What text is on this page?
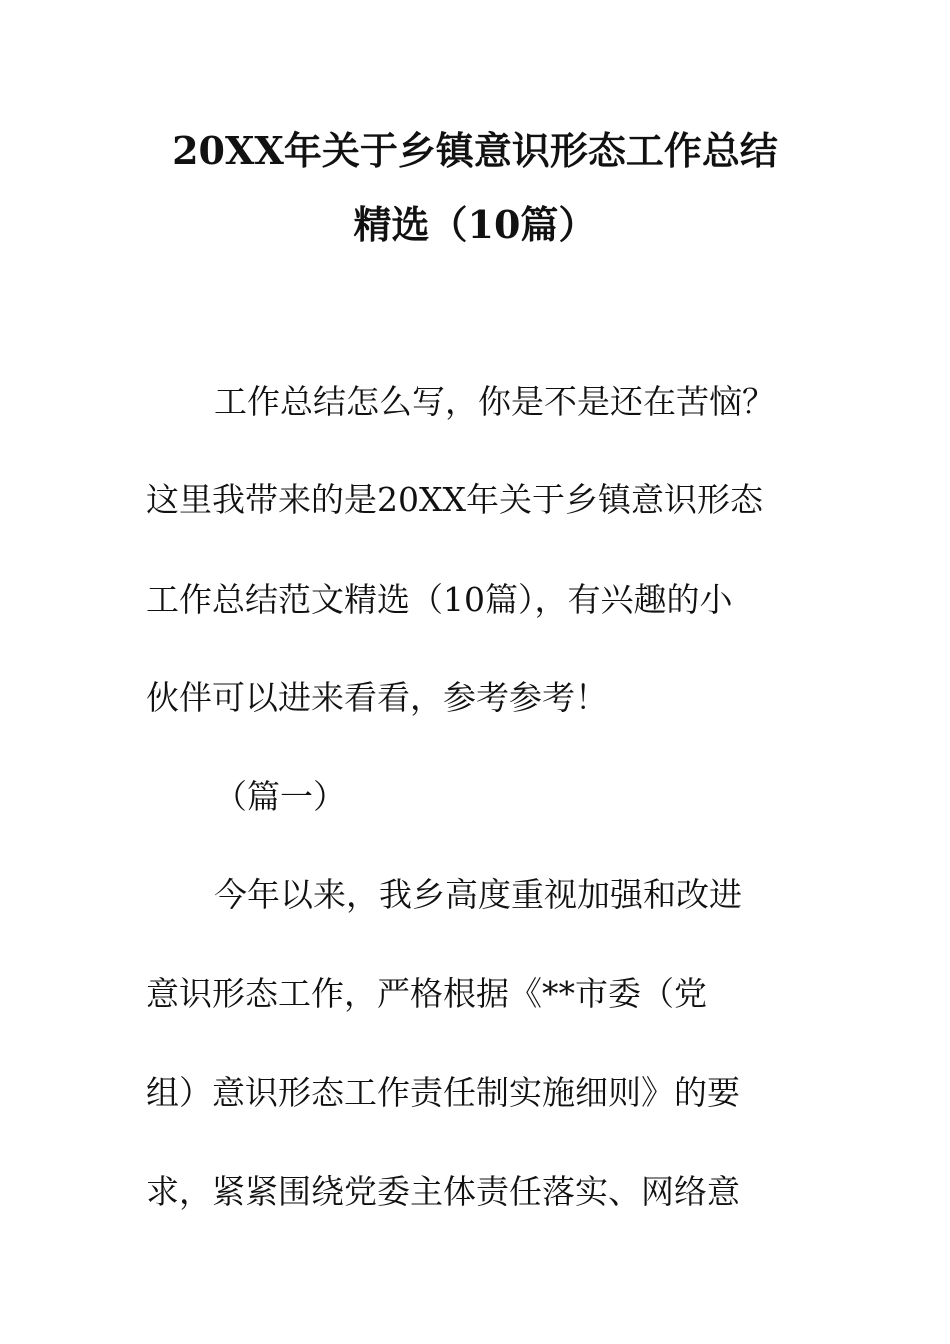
20XX年关于乡镇意识形态工作总结
精选（10篇）
工作总结怎么写，你是不是还在苦恼？
这里我带来的是20XX年关于乡镇意识形态
工作总结范文精选（10篇），有兴趣的小
伙伴可以进来看看，参考参考！
（篇一）
今年以来，我乡高度重视加强和改进
意识形态工作，严格根据《**市委（党
组）意识形态工作责任制实施细则》的要
求，紧紧围绕党委主体责任落实、网络意
